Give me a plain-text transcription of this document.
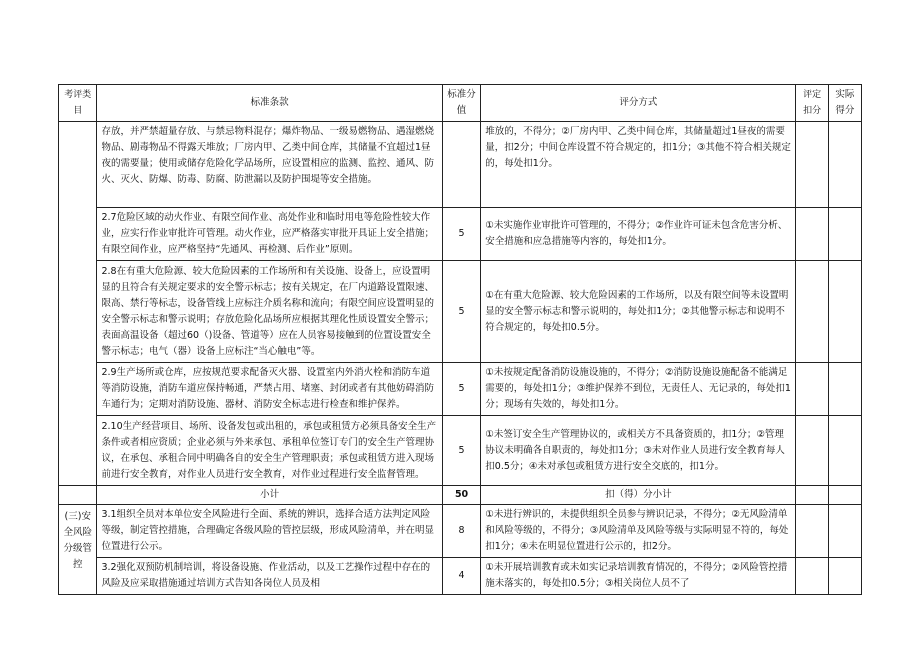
考评类目	标准条款	标准分值	评分方式	评定扣分	实际得分
	存放，并严禁超量存放、与禁忌物料混存；爆炸物品、一级易燃物品、遇湿燃烧物品、剧毒物品不得露天堆放；厂房内甲、乙类中间仓库，其储量不宜超过1昼夜的需要量；使用或储存危险化学品场所，应设置相应的监测、监控、通风、防火、灭火、防爆、防毒、防腐、防泄漏以及防护围堤等安全措施。		堆放的，不得分；②厂房内甲、乙类中间仓库，其储量超过1昼夜的需要量，扣2分；中间仓库设置不符合规定的，扣1分；③其他不符合相关规定的，每处扣1分。		
	2.7危险区域的动火作业、有限空间作业、高处作业和临时用电等危险性较大作业，应实行作业审批许可管理。动火作业，应严格落实审批开具证上安全措施；有限空间作业，应严格坚持“先通风、再检测、后作业”原则。	5	①未实施作业审批许可管理的，不得分；②作业许可证未包含危害分析、安全措施和应急措施等内容的，每处扣1分。		
	2.8在有重大危险源、较大危险因素的工作场所和有关设施、设备上，应设置明显的且符合有关规定要求的安全警示标志；按有关规定，在厂内道路设置限速、限高、禁行等标志，设备管线上应标注介质名称和流向；有限空间应设置明显的安全警示标志和警示说明；存放危险化品场所应根据其理化性质设置安全警示；表面高温设备（超过60（)设备、管道等）应在人员容易接触到的位置设置安全警示标志；电气（器）设备上应标注“当心触电”等。	5	①在有重大危险源、较大危险因素的工作场所，以及有限空间等未设置明显的安全警示标志和警示说明的，每处扣1分；②其他警示标志和说明不符合规定的，每处扣0.5分。		
	2.9生产场所或仓库，应按规范要求配备灭火器、设置室内外消火栓和消防车道等消防设施，消防车道应保持畅通，严禁占用、堵塞、封闭或者有其他妨碍消防车通行为；定期对消防设施、器材、消防安全标志进行检查和维护保养。	5	①未按规定配备消防设施设施的，不得分；②消防设施设施配备不能满足需要的，每处扣1分；③维护保养不到位，无责任人、无记录的，每处扣1分；现场有失效的，每处扣1分。		
	2.10生产经营项目、场所、设备发包或出租的，承包或租赁方必须具备安全生产条件或者相应资质；企业必须与外来承包、承租单位签订专门的安全生产管理协议，在承包、承租合同中明确各自的安全生产管理职责；承包或租赁方进入现场前进行安全教育，对作业人员进行安全教育，对作业过程进行安全监督管理。	5	①未签订安全生产管理协议的，或相关方不具备资质的，扣1分；②管理协议未明确各自职责的，每处扣1分；③未对作业人员进行安全教育每人扣0.5分；④未对承包或租赁方进行安全交底的，扣1分。		
	小计	50	扣（得）分小计		
(三)安全风险分级管控	3.1组织全员对本单位安全风险进行全面、系统的辨识，选择合适方法判定风险等级，制定管控措施，合理确定各级风险的管控层级，形成风险清单，并在明显位置进行公示。	8	①未进行辨识的，未提供组织全员参与辨识记录，不得分；②无风险清单和风险等级的，不得分；③风险清单及风险等级与实际明显不符的，每处扣1分；④未在明显位置进行公示的，扣2分。		
	3.2强化双预防机制培训，将设备设施、作业活动，以及工艺操作过程中存在的风险及应采取措施通过培训方式告知各岗位人员及相	4	①未开展培训教育或未如实记录培训教育情况的，不得分；②风险管控措施未落实的，每处扣0.5分；③相关岗位人员不了		
